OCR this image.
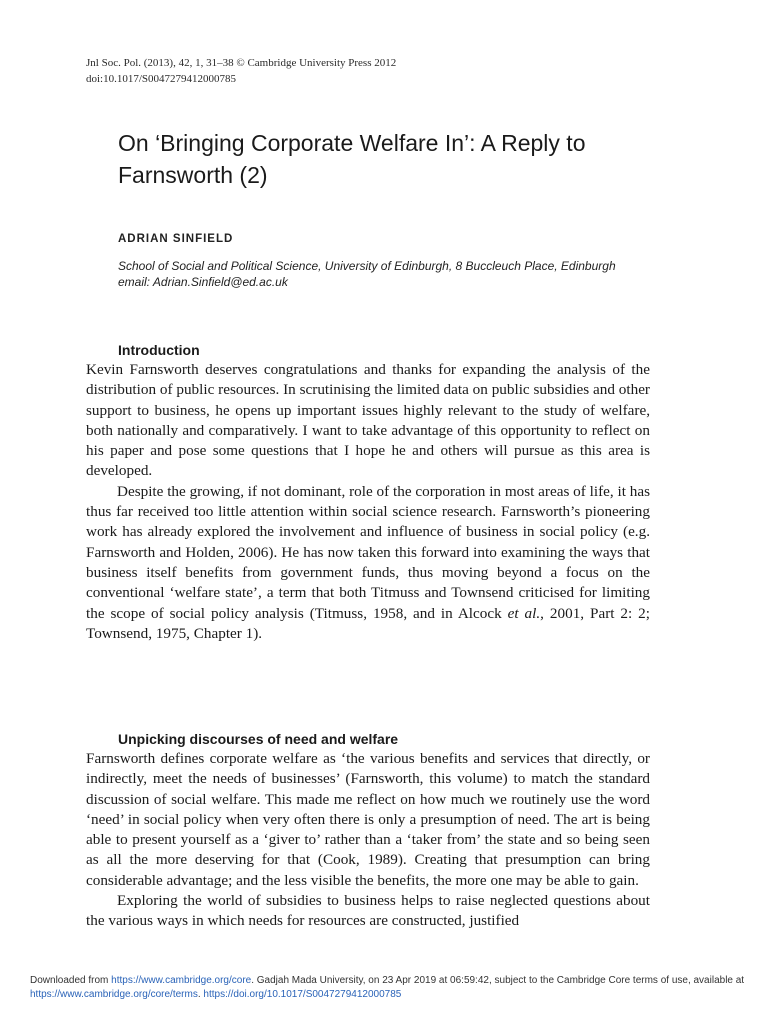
Jnl Soc. Pol. (2013), 42, 1, 31–38 © Cambridge University Press 2012
doi:10.1017/S0047279412000785
On ‘Bringing Corporate Welfare In’: A Reply to Farnsworth (2)
ADRIAN SINFIELD
School of Social and Political Science, University of Edinburgh, 8 Buccleuch Place, Edinburgh
email: Adrian.Sinfield@ed.ac.uk
Introduction

Kevin Farnsworth deserves congratulations and thanks for expanding the analysis of the distribution of public resources. In scrutinising the limited data on public subsidies and other support to business, he opens up important issues highly relevant to the study of welfare, both nationally and comparatively. I want to take advantage of this opportunity to reflect on his paper and pose some questions that I hope he and others will pursue as this area is developed.

Despite the growing, if not dominant, role of the corporation in most areas of life, it has thus far received too little attention within social science research. Farnsworth’s pioneering work has already explored the involvement and influence of business in social policy (e.g. Farnsworth and Holden, 2006). He has now taken this forward into examining the ways that business itself benefits from government funds, thus moving beyond a focus on the conventional ‘welfare state’, a term that both Titmuss and Townsend criticised for limiting the scope of social policy analysis (Titmuss, 1958, and in Alcock et al., 2001, Part 2: 2; Townsend, 1975, Chapter 1).

Unpicking discourses of need and welfare

Farnsworth defines corporate welfare as ‘the various benefits and services that directly, or indirectly, meet the needs of businesses’ (Farnsworth, this volume) to match the standard discussion of social welfare. This made me reflect on how much we routinely use the word ‘need’ in social policy when very often there is only a presumption of need. The art is being able to present yourself as a ‘giver to’ rather than a ‘taker from’ the state and so being seen as all the more deserving for that (Cook, 1989). Creating that presumption can bring considerable advantage; and the less visible the benefits, the more one may be able to gain.

Exploring the world of subsidies to business helps to raise neglected questions about the various ways in which needs for resources are constructed, justified

Downloaded from https://www.cambridge.org/core. Gadjah Mada University, on 23 Apr 2019 at 06:59:42, subject to the Cambridge Core terms of use, available at https://www.cambridge.org/core/terms. https://doi.org/10.1017/S0047279412000785
